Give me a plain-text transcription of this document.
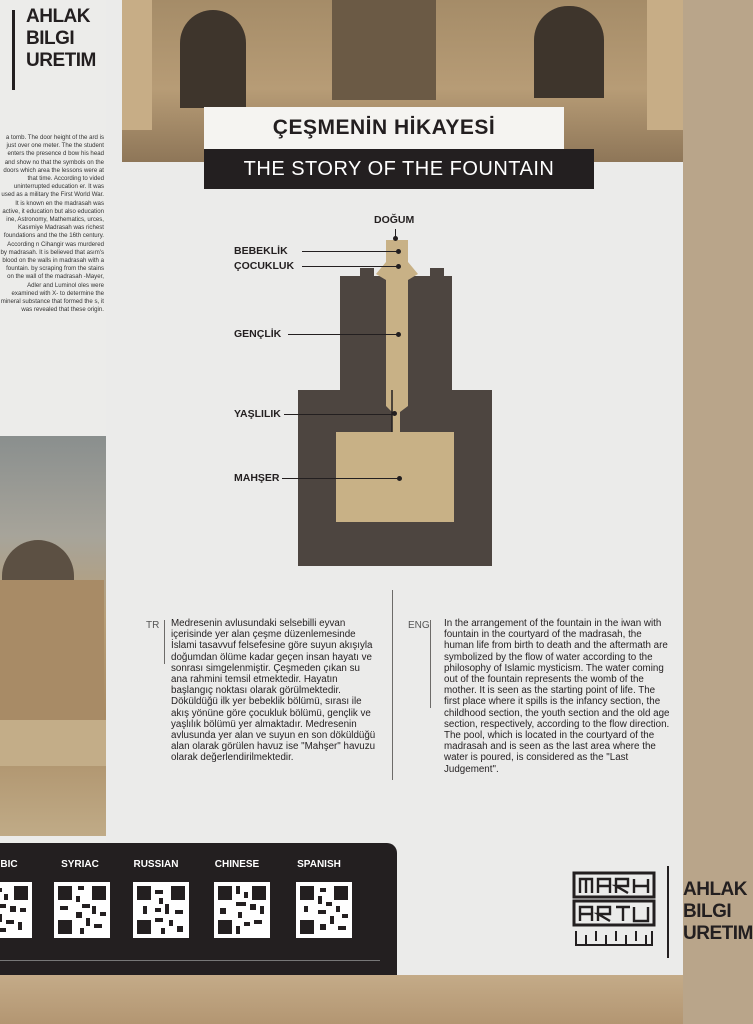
AHLAK
BILGI
URETIM
a tomb. The door height of the ard is just over one meter. The the student enters the presence d bow his head and show no that the symbols on the doors which area the lessons were at that time. According to vided uninterrupted education er. It was used as a military the First World War. It is known en the madrasah was active, it education but also education ine, Astronomy, Mathematics, urces, Kasımiye Madrasah was richest foundations and the the 16th century. According n Cihangir was murdered by madrasah. It is believed that asım's blood on the walls in madrasah with a fountain. by scraping from the stains on the wall of the madrasah -Mayer, Adler and Luminol oles were examined with X- to determine the mineral substance that formed the s, it was revealed that these origin.
ÇEŞMENİN HİKAYESİ
THE STORY OF THE FOUNTAIN
DOĞUM
BEBEKLİK
ÇOCUKLUK
GENÇLİK
YAŞLILIK
MAHŞER
TR Medresenin avlusundaki selsebilli eyvan içerisinde yer alan çeşme düzenlemesinde İslami tasavvuf felsefesine göre suyun akışıyla doğumdan ölüme kadar geçen insan hayatı ve sonrası simgelenmiştir. Çeşmeden çıkan su ana rahmini temsil etmektedir. Hayatın başlangıç noktası olarak görülmektedir. Döküldüğü ilk yer bebeklik bölümü, sırası ile akış yönüne göre çocukluk bölümü, gençlik ve yaşlılık bölümü yer almaktadır. Medresenin avlusunda yer alan ve suyun en son döküldüğü alan olarak görülen havuz ise "Mahşer" havuzu olarak değerlendirilmektedir.
ENG In the arrangement of the fountain in the iwan with fountain in the courtyard of the madrasah, the human life from birth to death and the aftermath are symbolized by the flow of water according to the philosophy of Islamic mysticism. The water coming out of the fountain represents the womb of the mother. It is seen as the starting point of life. The first place where it spills is the infancy section, the childhood section, the youth section and the old age section, respectively, according to the flow direction. The pool, which is located in the courtyard of the madrasah and is seen as the last area where the water is poured, is considered as the "Last Judgement".
AHLAK
BILGI
URETIM
BIC	SYRIAC	RUSSIAN	CHINESE	SPANISH
